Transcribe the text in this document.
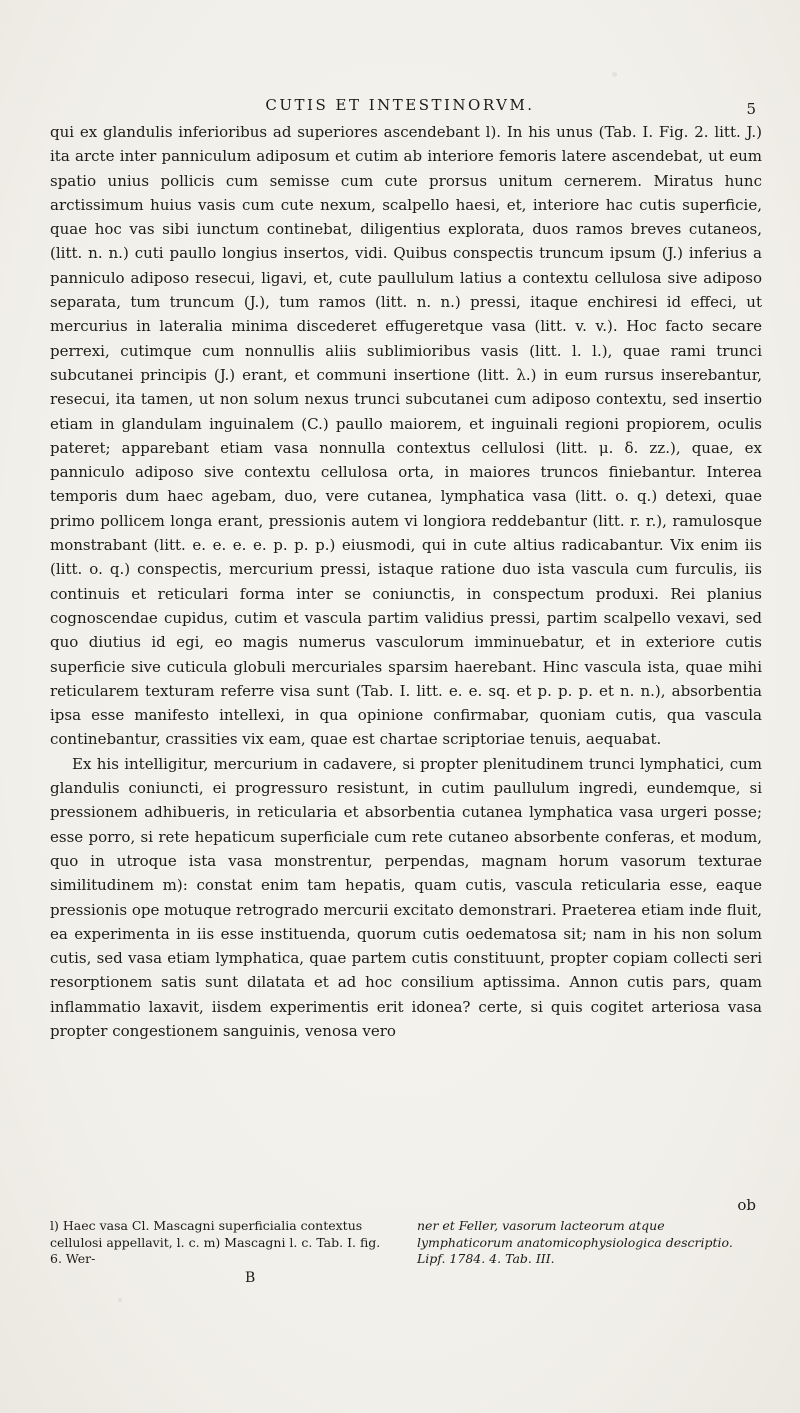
CUTIS ET INTESTINORVM.	5

qui ex glandulis inferioribus ad superiores ascendebant l). In his unus (Tab. I. Fig. 2. litt. J.) ita arcte inter panniculum adiposum et cutim ab interiore femoris latere ascendebat, ut eum spatio unius pollicis cum semisse cum cute prorsus unitum cernerem. Miratus hunc arctissimum huius vasis cum cute nexum, scalpello haesi, et, interiore hac cutis superficie, quae hoc vas sibi iunctum continebat, diligentius explorata, duos ramos breves cutaneos, (litt. n. n.) cuti paullo longius insertos, vidi. Quibus conspectis truncum ipsum (J.) inferius a panniculo adiposo resecui, ligavi, et, cute paullulum latius a contextu cellulosa sive adiposo separata, tum truncum (J.), tum ramos (litt. n. n.) pressi, itaque enchiresi id effeci, ut mercurius in lateralia minima discederet effugeretque vasa (litt. v. v.). Hoc facto secare perrexi, cutimque cum nonnullis aliis sublimioribus vasis (litt. l. l.), quae rami trunci subcutanei principis (J.) erant, et communi insertione (litt. λ.) in eum rursus inserebantur, resecui, ita tamen, ut non solum nexus trunci subcutanei cum adiposo contextu, sed insertio etiam in glandulam inguinalem (C.) paullo maiorem, et inguinali regioni propiorem, oculis pateret; apparebant etiam vasa nonnulla contextus cellulosi (litt. μ. δ. zz.), quae, ex panniculo adiposo sive contextu cellulosa orta, in maiores truncos finiebantur. Interea temporis dum haec agebam, duo, vere cutanea, lymphatica vasa (litt. o. q.) detexi, quae primo pollicem longa erant, pressionis autem vi longiora reddebantur (litt. r. r.), ramulosque monstrabant (litt. e. e. e. e. p. p. p.) eiusmodi, qui in cute altius radicabantur. Vix enim iis (litt. o. q.) conspectis, mercurium pressi, istaque ratione duo ista vascula cum furculis, iis continuis et reticulari forma inter se coniunctis, in conspectum produxi. Rei planius cognoscendae cupidus, cutim et vascula partim validius pressi, partim scalpello vexavi, sed quo diutius id egi, eo magis numerus vasculorum imminuebatur, et in exteriore cutis superficie sive cuticula globuli mercuriales sparsim haerebant. Hinc vascula ista, quae mihi reticularem texturam referre visa sunt (Tab. I. litt. e. e. sq. et p. p. p. et n. n.), absorbentia ipsa esse manifesto intellexi, in qua opinione confirmabar, quoniam cutis, qua vascula continebantur, crassities vix eam, quae est chartae scriptoriae tenuis, aequabat.

Ex his intelligitur, mercurium in cadavere, si propter plenitudinem trunci lymphatici, cum glandulis coniuncti, ei progressuro resistunt, in cutim paullulum ingredi, eundemque, si pressionem adhibueris, in reticularia et absorbentia cutanea lymphatica vasa urgeri posse; esse porro, si rete hepaticum superficiale cum rete cutaneo absorbente conferas, et modum, quo in utroque ista vasa monstrentur, perpendas, magnam horum vasorum texturae similitudinem m): constat enim tam hepatis, quam cutis, vascula reticularia esse, eaque pressionis ope motuque retrogrado mercurii excitato demonstrari. Praeterea etiam inde fluit, ea experimenta in iis esse instituenda, quorum cutis oedematosa sit; nam in his non solum cutis, sed vasa etiam lymphatica, quae partem cutis constituunt, propter copiam collecti seri resorptionem satis sunt dilatata et ad hoc consilium aptissima. Annon cutis pars, quam inflammatio laxavit, iisdem experimentis erit idonea? certe, si quis cogitet arteriosa vasa propter congestionem sanguinis, venosa vero

ob
l) Haec vasa Cl. Mascagni superficialia contextus cellulosi appellavit, l. c. m) Mascagni l. c. Tab. I. fig. 6. Wer-
ner et Feller, vasorum lacteorum atque lymphaticorum anatomicophysiologica descriptio. Lipf. 1784. 4. Tab. III.
B
